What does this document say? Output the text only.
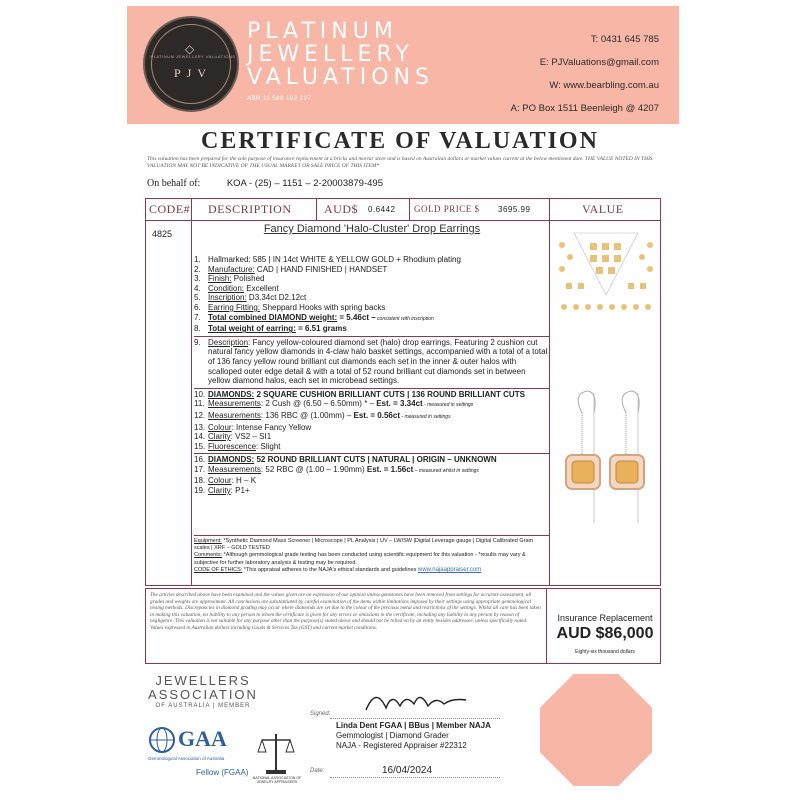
PLATINUM JEWELLERY VALUATIONS
◇
PJV
PLATINUM
JEWELLERY
VALUATIONS
ABN 11 588 192 127
T: 0431 645 785
E: PJValuations@gmail.com
W: www.bearbling.com.au
A: PO Box 1511 Beenleigh @ 4207
CERTIFICATE OF VALUATION
This valuation has been prepared for the sole purpose of insurance replacement at a bricks and mortar store and is based on Australian dollars or market values current at the below mentioned date. THE VALUE NOTED IN THIS VALUATION MAY NOT BE INDICATIVE OF THE USUAL MARKET OR SALE PRICE OF THIS ITEM*
On behalf of:	KOA - (25) – 1151 – 2-20003879-495
CODE# DESCRIPTION	AUD$ 0.6442 GOLD PRICE $ 3695.99	VALUE
4825	Fancy Diamond 'Halo-Cluster' Drop Earrings
1. Hallmarked: 585 | IN 14ct WHITE & YELLOW GOLD + Rhodium plating
2. Manufacture: CAD | HAND FINISHED | HANDSET
3. Finish: Polished
4. Condition: Excellent
5. Inscription: D3.34ct D2.12ct
6. Earring Fitting: Sheppard Hooks with spring backs
7. Total combined DIAMOND weight: = 5.46ct – consistent with inscription
8. Total weight of earring: = 6.51 grams
9. Description: Fancy yellow-coloured diamond set (halo) drop earrings. Featuring 2 cushion cut natural fancy yellow diamonds in 4-claw halo basket settings, accompanied with a total of a total of 136 fancy yellow round brilliant cut diamonds each set in the inner & outer halos with scalloped outer edge detail & with a total of 52 round brilliant cut diamonds set in between yellow diamond halos, each set in microbead settings.
10. DIAMONDS: 2 SQUARE CUSHION BRILLIANT CUTS | 136 ROUND BRILLIANT CUTS
11. Measurements: 2 Cush @ (6.50 – 6.50mm) * – Est. = 3.34ct - measured in settings
12. Measurements: 136 RBC @ (1.00mm) – Est. = 0.56ct - measured in settings
13. Colour: Intense Fancy Yellow
14. Clarity: VS2 – SI1
15. Fluorescence: Slight
16. DIAMONDS: 52 ROUND BRILLIANT CUTS | NATURAL | ORIGIN – UNKNOWN
17. Measurements: 52 RBC @ (1.00 – 1.90mm) Est. = 1.56ct – measured whilst in settings
18. Colour: H – K
19. Clarity: P1+
Equipment: *Synthetic Diamond Mass Screener | Microscope | PL Analysis | UV – LW/SW |Digital Leverage gauge | Digital Calibrated Gram scales | XRF – GOLD TESTED
Comments: *Although gemmological grade testing has been conducted using scientific equipment for this valuation - *results may vary & subjective for further laboratory analysis & testing may be required.
CODE OF ETHICS: *This appraisal adheres to the NAJA's ethical standards and guidelines www.najaappraiser.com
The articles described above have been examined and the values given are an expression of our opinion unless gemstones have been removed from settings for accurate assessment, all grades and weights are approximate. All conclusions are substantiated by careful examination of the items within limitations imposed by their settings using appropriate gemmological testing methods. Discrepancies in diamond grading may occur where diamonds are set due to the colour of the precious metal and restrictions of the settings. Whilst all care has been taken in making this valuation, no liability to any person to whom the certificate is given for any errors or omissions in the certificate, including any liability to any person by reason of negligence. This valuation is not suitable for any purpose other than the purpose(s) stated above and should not be relied on by an entity besides addressee, unless specifically noted. Values expressed in Australian dollars including Goods & Services Tax (GST) and current market conditions.
Insurance Replacement
AUD $86,000
Eighty-six thousand dollars
JEWELLERS
ASSOCIATION
OF AUSTRALIA | MEMBER
GAA
Gemmological Association of Australia
Fellow (FGAA)
NATIONAL ASSOCIATION OF JEWELRY APPRAISERS
Signed:
Linda Dent FGAA | BBus | Member NAJA
Gemmologist | Diamond Grader
NAJA - Registered Appraiser #22312
Date:	16/04/2024
